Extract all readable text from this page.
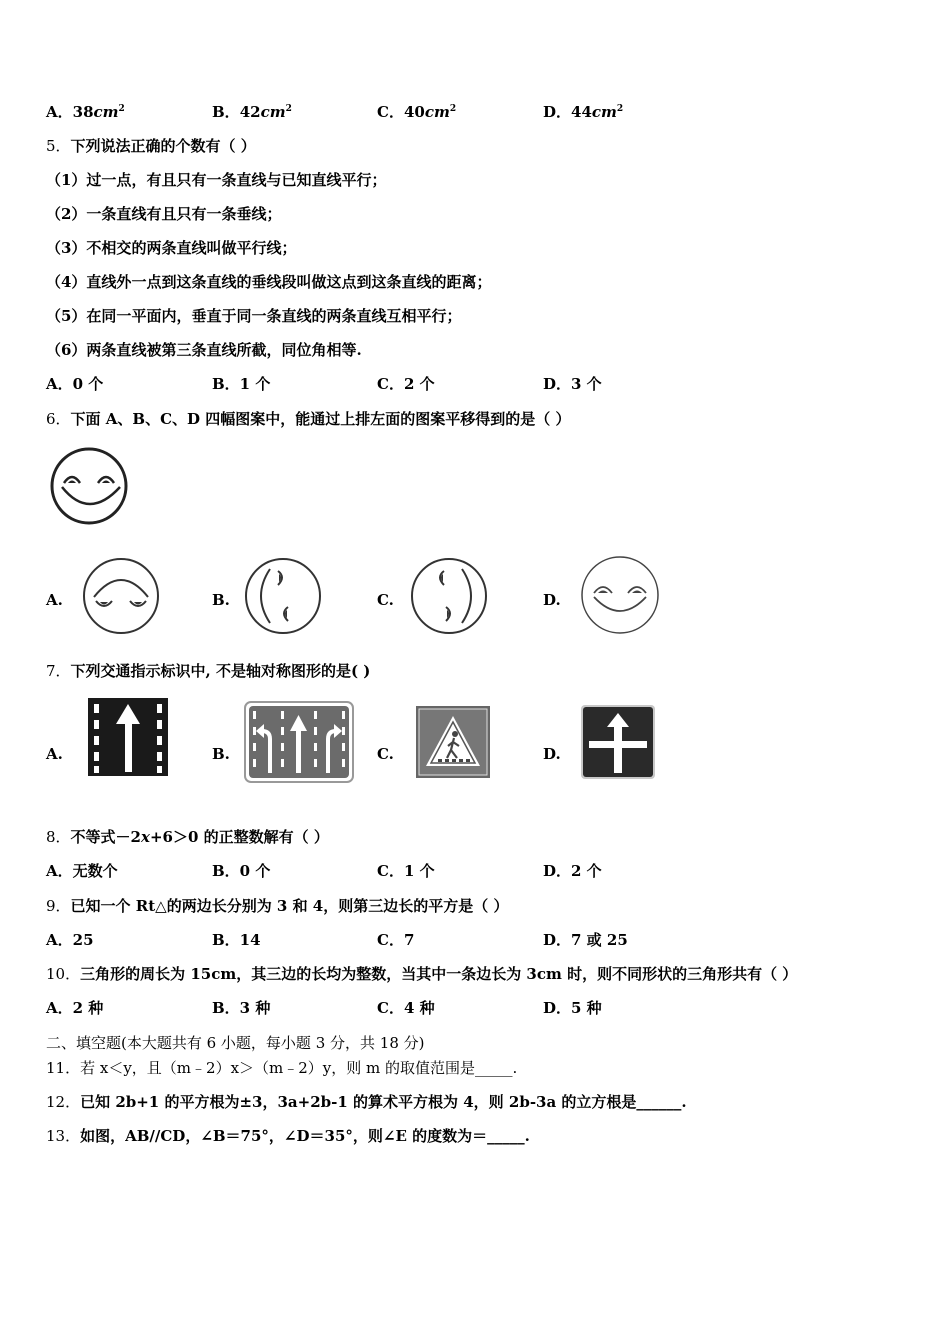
A．$38cm^2$	B．$42cm^2$	C．$40cm^2$	D．$44cm^2$
5．下列说法正确的个数有（ ）
（1）过一点，有且只有一条直线与已知直线平行；
（2）一条直线有且只有一条垂线；
（3）不相交的两条直线叫做平行线；
（4）直线外一点到这条直线的垂线段叫做这点到这条直线的距离；
（5）在同一平面内，垂直于同一条直线的两条直线互相平行；
（6）两条直线被第三条直线所截，同位角相等.
A．0 个	B．1 个	C．2 个	D．3 个
6．下面 A、B、C、D 四幅图案中，能通过上排左面的图案平移得到的是（ ）
A.	B.	C.	D.
7．下列交通指示标识中, 不是轴对称图形的是( )
A.	B.	C.	D.
8．不等式－2x+6＞0 的正整数解有（ ）
A．无数个	B．0 个	C．1 个	D．2 个
9．已知一个 Rt△的两边长分别为 3 和 4，则第三边长的平方是（ ）
A．25	B．14	C．7	D．7 或 25
10．三角形的周长为 15cm，其三边的长均为整数，当其中一条边长为 3cm 时，则不同形状的三角形共有（ ）
A．2 种	B．3 种	C．4 种	D．5 种
二、填空题(本大题共有 6 小题，每小题 3 分，共 18 分)
11．若 x＜y，且（m﹣2）x＞（m﹣2）y，则 m 的取值范围是_____.
12．已知 2b+1 的平方根为±3，3a+2b-1 的算术平方根为 4，则 2b-3a 的立方根是______.
13．如图，AB//CD，∠B＝75°，∠D＝35°，则∠E 的度数为＝_____.
